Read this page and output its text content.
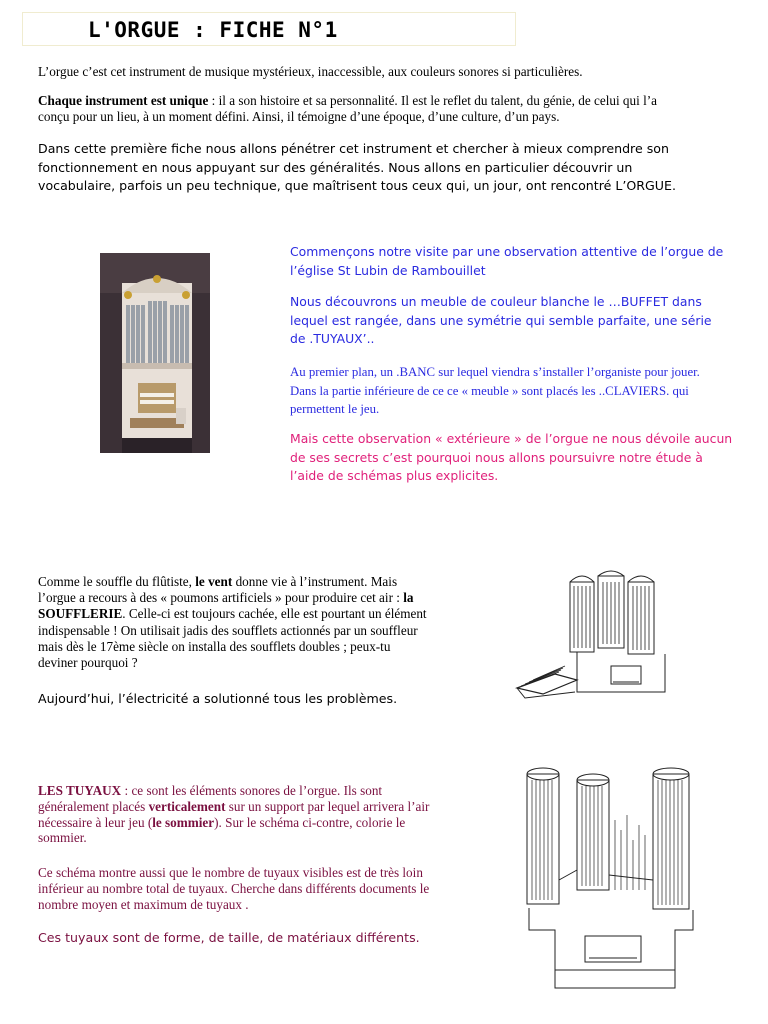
L'ORGUE : FICHE N°1

L’orgue c’est cet instrument de musique mystérieux, inaccessible, aux couleurs sonores si particulières.

Chaque instrument est unique : il a son histoire et sa personnalité. Il est le reflet du talent, du génie, de celui qui l’a

conçu pour un lieu, à un moment défini. Ainsi, il témoigne d’une époque, d’une culture, d’un pays.

Dans cette première fiche nous allons pénétrer cet instrument et chercher à mieux comprendre son

fonctionnement en nous appuyant sur des généralités. Nous allons en particulier découvrir un

vocabulaire, parfois un peu technique, que maîtrisent tous ceux qui, un jour, ont rencontré L’ORGUE.

Commençons notre visite par une observation attentive de l’orgue de

l’église St Lubin de Rambouillet

Nous découvrons un meuble de couleur blanche le …BUFFET dans

lequel est rangée, dans une symétrie qui semble parfaite, une série

de .TUYAUX’..

Au premier plan, un .BANC sur lequel viendra s’installer l’organiste pour jouer.

Dans la partie inférieure de ce ce « meuble » sont placés les ..CLAVIERS. qui

permettent le jeu.

Mais cette observation « extérieure » de l’orgue ne nous dévoile aucun

de ses secrets c’est pourquoi nous allons poursuivre notre étude à

l’aide de schémas plus explicites.

Comme le souffle du flûtiste, le vent donne vie à l’instrument. Mais

l’orgue a recours à des « poumons artificiels » pour produire cet air : la

SOUFFLERIE. Celle-ci est toujours cachée, elle est pourtant un élément

indispensable ! On utilisait jadis des soufflets actionnés par un souffleur

mais dès le 17ème siècle on installa des soufflets doubles ; peux-tu

deviner pourquoi ?

Aujourd’hui, l’électricité a solutionné tous les problèmes.

LES TUYAUX : ce sont les éléments sonores de l’orgue. Ils sont

généralement placés verticalement sur un support par lequel arrivera l’air

nécessaire à leur jeu (le sommier). Sur le schéma ci-contre, colorie le

sommier.

Ce schéma montre aussi que le nombre de tuyaux visibles est de très loin

inférieur au nombre total de tuyaux. Cherche dans différents documents le

nombre moyen et maximum de tuyaux .

Ces tuyaux sont de forme, de taille, de matériaux différents.
